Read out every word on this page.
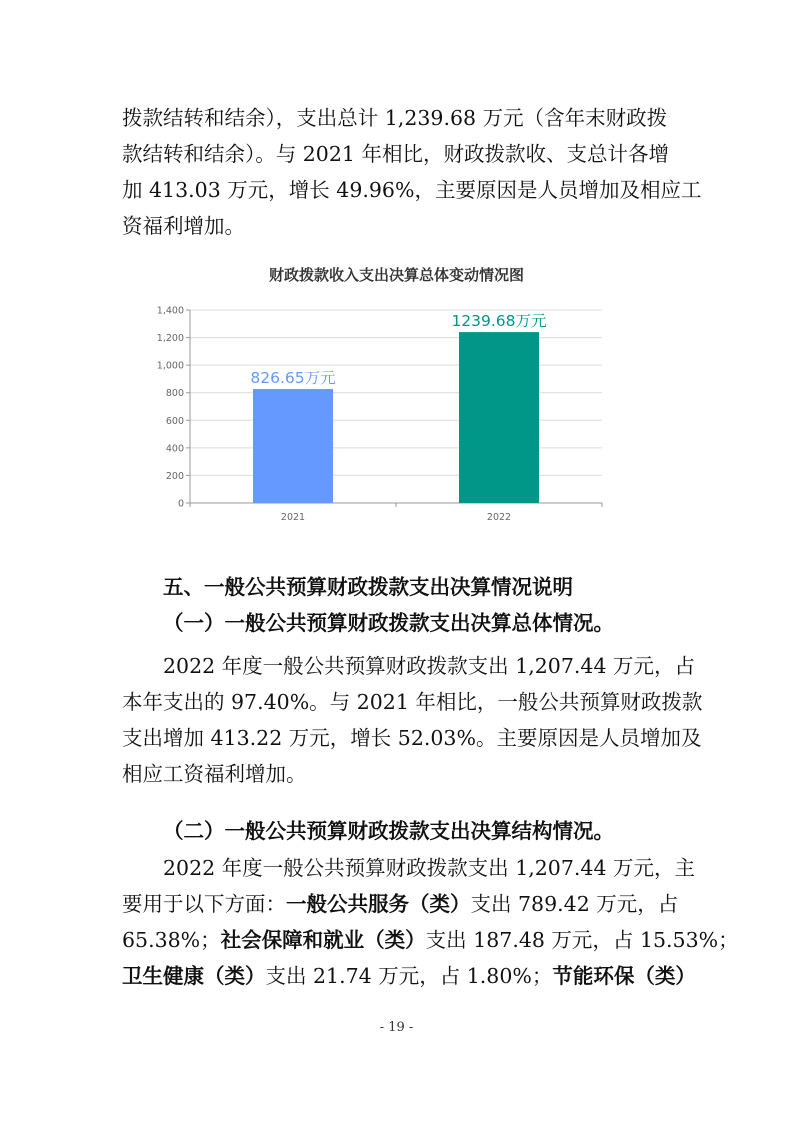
拨款结转和结余），支出总计 1,239.68 万元（含年末财政拨
款结转和结余）。与 2021 年相比，财政拨款收、支总计各增
加 413.03 万元，增长 49.96%，主要原因是人员增加及相应工
资福利增加。
财政拨款收入支出决算总体变动情况图
0
200
400
600
800
1,000
1,200
1,400
826.65万元
2021
1239.68万元
2022
五、一般公共预算财政拨款支出决算情况说明
（一）一般公共预算财政拨款支出决算总体情况。
2022 年度一般公共预算财政拨款支出 1,207.44 万元，占
本年支出的 97.40%。与 2021 年相比，一般公共预算财政拨款
支出增加 413.22 万元，增长 52.03%。主要原因是人员增加及
相应工资福利增加。
（二）一般公共预算财政拨款支出决算结构情况。
2022 年度一般公共预算财政拨款支出 1,207.44 万元，主
要用于以下方面：一般公共服务（类）支出 789.42 万元，占
65.38%；社会保障和就业（类）支出 187.48 万元，占 15.53%；
卫生健康（类）支出 21.74 万元，占 1.80%；节能环保（类）
- 19 -
